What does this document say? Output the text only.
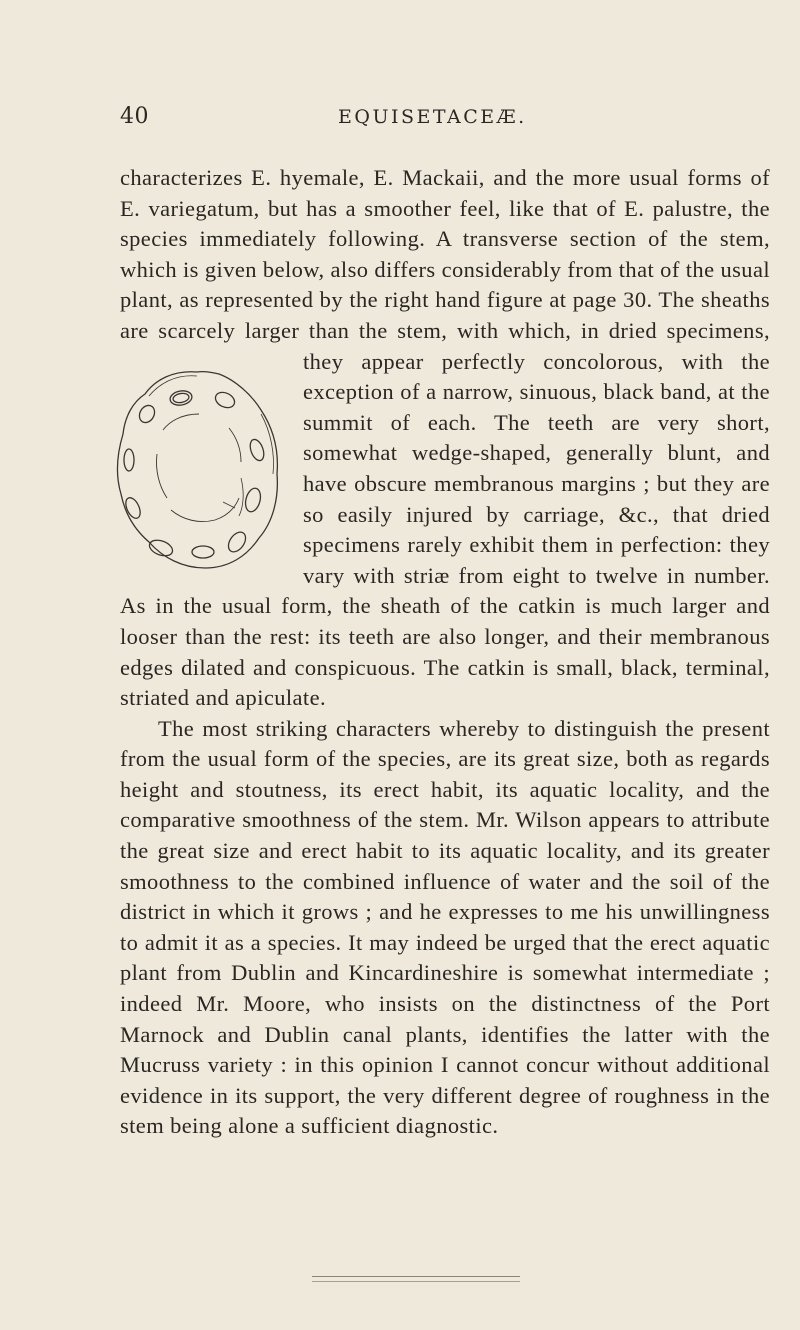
40	EQUISETACEÆ.

characterizes E. hyemale, E. Mackaii, and the more usual forms of E. variegatum, but has a smoother feel, like that of E. palustre, the species immediately following. A transverse section of the stem, which is given below, also differs considerably from that of the usual plant, as represented by the right hand figure at page 30. The sheaths are scarcely larger than the stem, with which, in dried specimens, they appear perfectly concolorous, with the exception of a narrow, sinuous, black band, at the summit of each. The teeth are very short, somewhat wedge-shaped, generally blunt, and have obscure membranous margins ; but they are so easily injured by carriage, &c., that dried specimens rarely exhibit them in perfection: they vary with striæ from eight to twelve in number. As in the usual form, the sheath of the catkin is much larger and looser than the rest: its teeth are also longer, and their membranous edges dilated and conspicuous. The catkin is small, black, terminal, striated and apiculate.

The most striking characters whereby to distinguish the present from the usual form of the species, are its great size, both as regards height and stoutness, its erect habit, its aquatic locality, and the comparative smoothness of the stem. Mr. Wilson appears to attribute the great size and erect habit to its aquatic locality, and its greater smoothness to the combined influence of water and the soil of the district in which it grows ; and he expresses to me his unwillingness to admit it as a species. It may indeed be urged that the erect aquatic plant from Dublin and Kincardineshire is somewhat intermediate ; indeed Mr. Moore, who insists on the distinctness of the Port Marnock and Dublin canal plants, identifies the latter with the Mucruss variety : in this opinion I cannot concur without additional evidence in its support, the very different degree of roughness in the stem being alone a sufficient diagnostic.
